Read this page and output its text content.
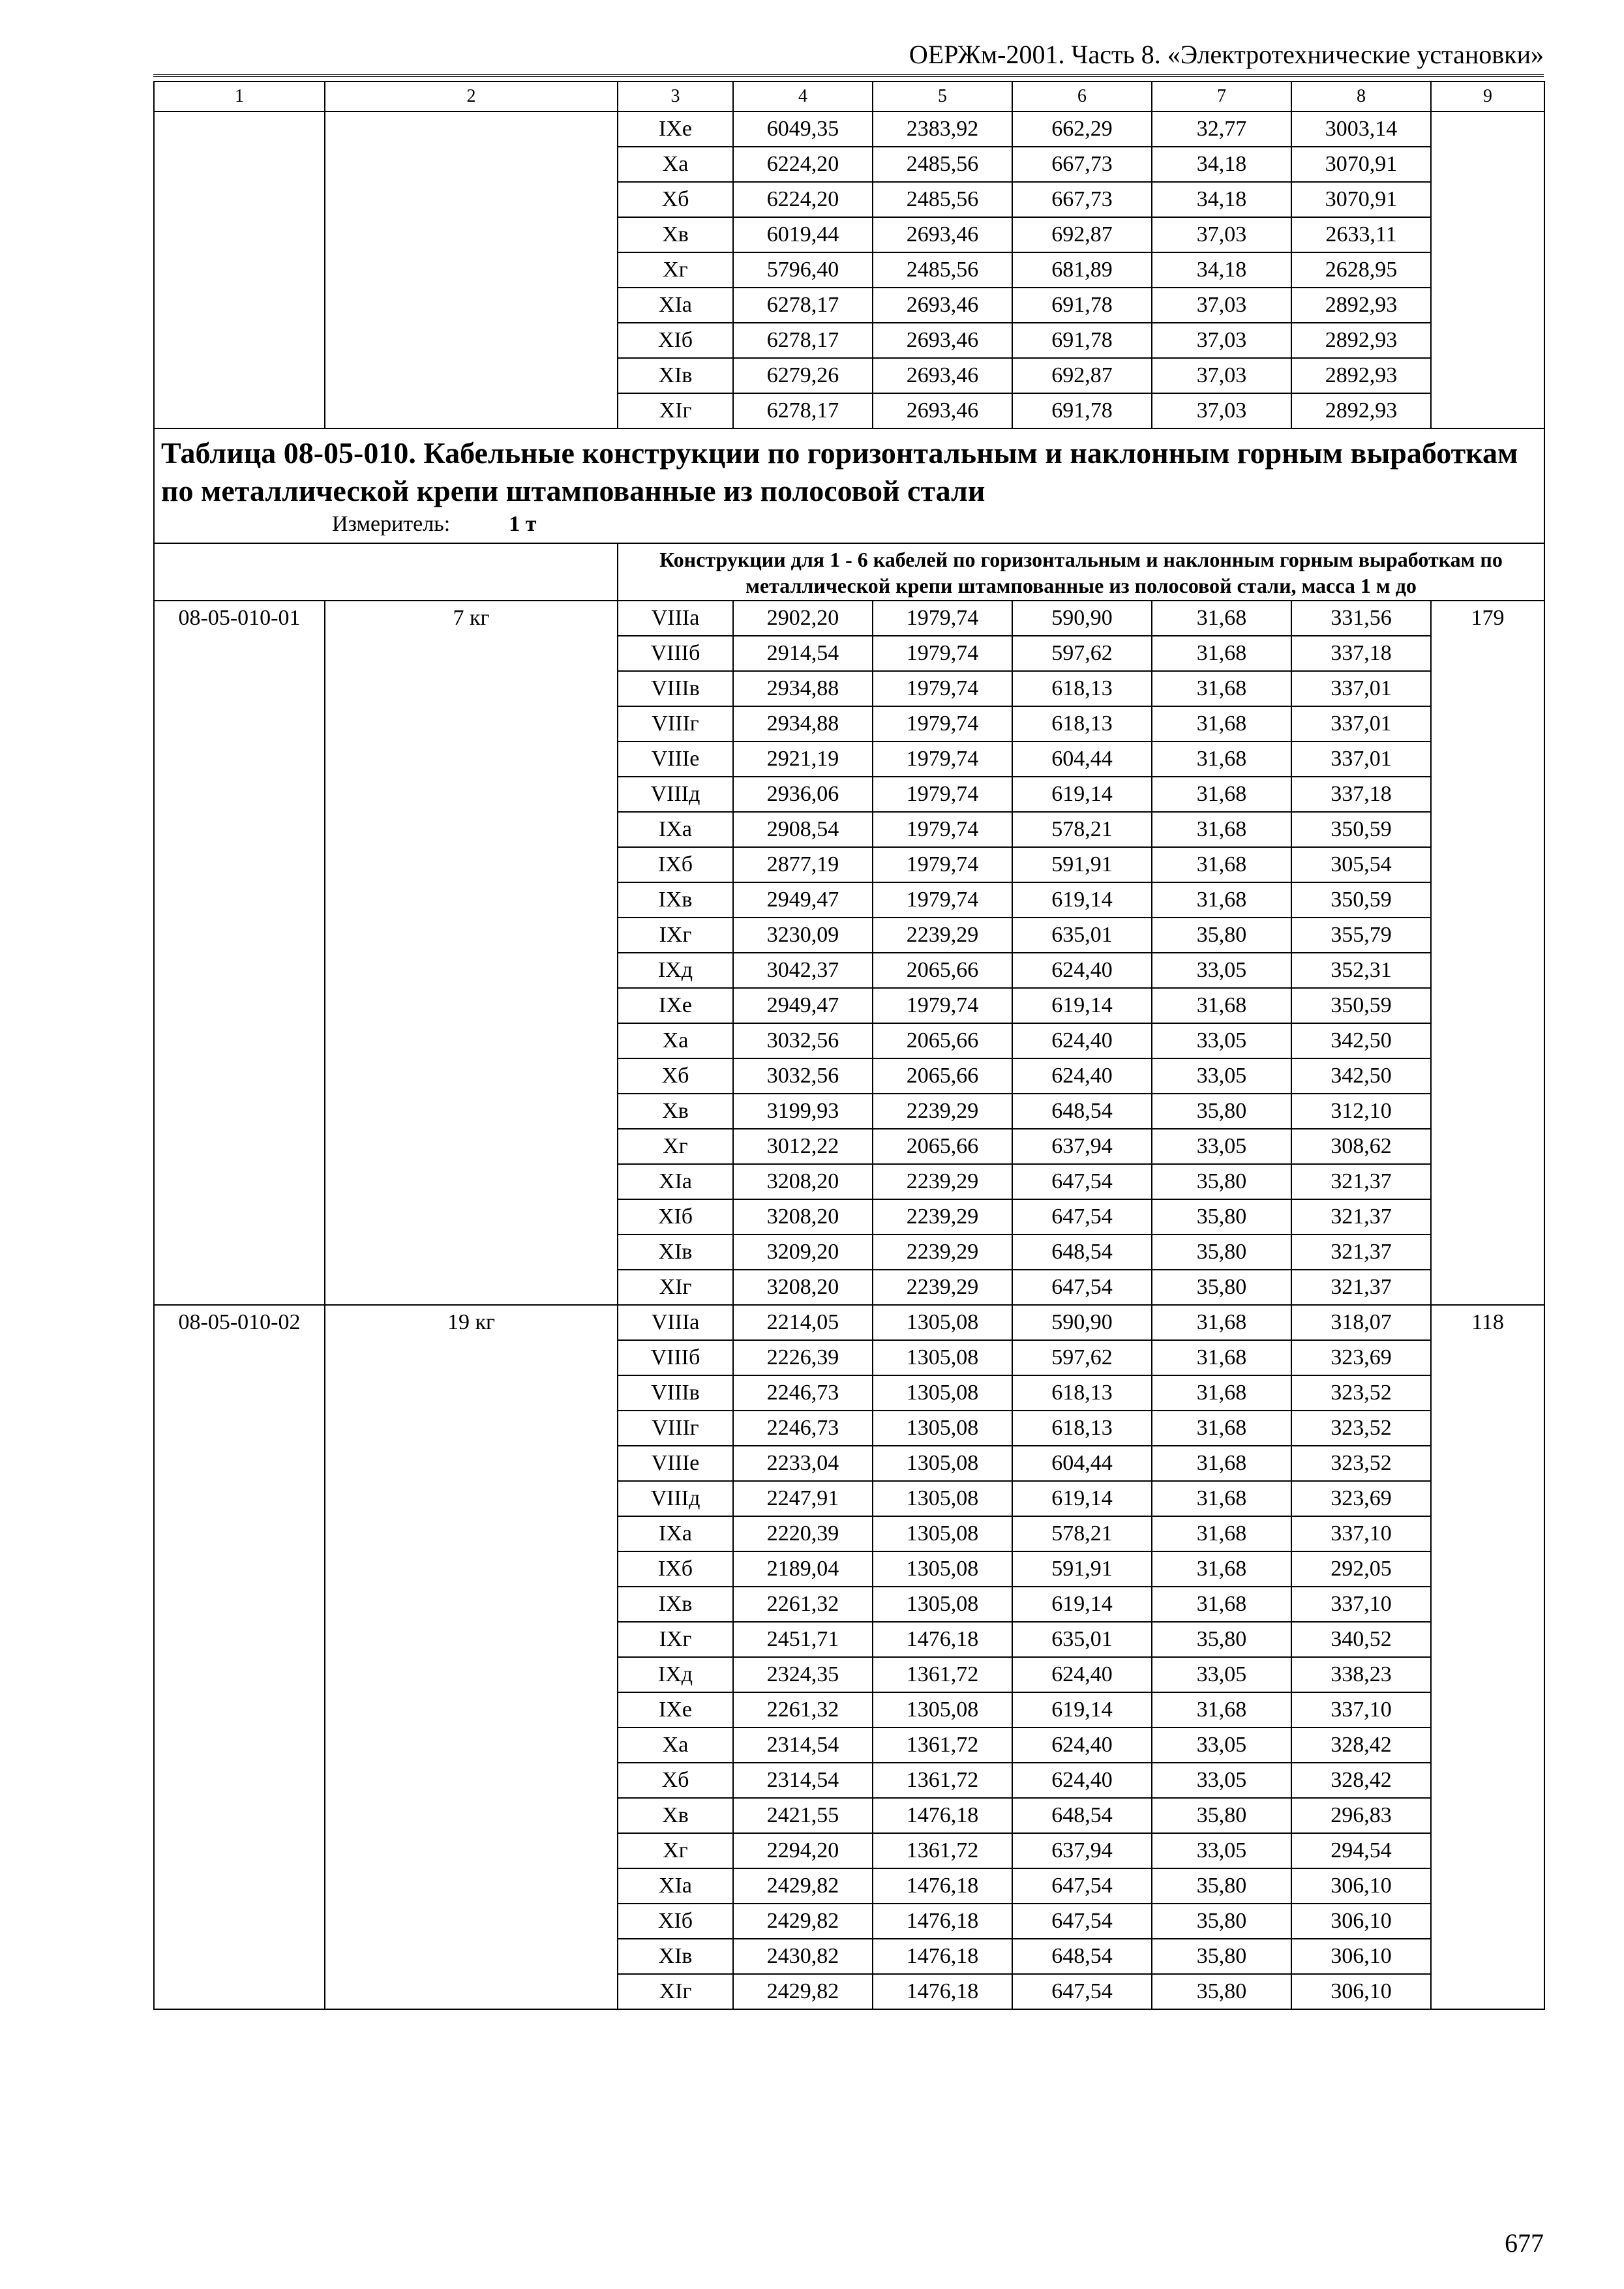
ОЕРЖм-2001. Часть 8. «Электротехнические установки»
1	2	3	4	5	6	7	8	9
		IXе	6049,35	2383,92	662,29	32,77	3003,14	
		Xа	6224,20	2485,56	667,73	34,18	3070,91	
		Xб	6224,20	2485,56	667,73	34,18	3070,91	
		Xв	6019,44	2693,46	692,87	37,03	2633,11	
		Xг	5796,40	2485,56	681,89	34,18	2628,95	
		XIа	6278,17	2693,46	691,78	37,03	2892,93	
		XIб	6278,17	2693,46	691,78	37,03	2892,93	
		XIв	6279,26	2693,46	692,87	37,03	2892,93	
		XIг	6278,17	2693,46	691,78	37,03	2892,93	

Таблица 08-05-010. Кабельные конструкции по горизонтальным и наклонным горным выработкам по металлической крепи штампованные из полосовой стали
Измеритель: 1 т								

		Конструкции для 1 - 6 кабелей по горизонтальным и наклонным горным выработкам по металлической крепи штампованные из полосовой стали, масса 1 м до						
08-05-010-01	7 кг	VIIIа	2902,20	1979,74	590,90	31,68	331,56	179
		VIIIб	2914,54	1979,74	597,62	31,68	337,18	
		VIIIв	2934,88	1979,74	618,13	31,68	337,01	
		VIIIг	2934,88	1979,74	618,13	31,68	337,01	
		VIIIе	2921,19	1979,74	604,44	31,68	337,01	
		VIIIд	2936,06	1979,74	619,14	31,68	337,18	
		IXа	2908,54	1979,74	578,21	31,68	350,59	
		IXб	2877,19	1979,74	591,91	31,68	305,54	
		IXв	2949,47	1979,74	619,14	31,68	350,59	
		IXг	3230,09	2239,29	635,01	35,80	355,79	
		IXд	3042,37	2065,66	624,40	33,05	352,31	
		IXе	2949,47	1979,74	619,14	31,68	350,59	
		Xа	3032,56	2065,66	624,40	33,05	342,50	
		Xб	3032,56	2065,66	624,40	33,05	342,50	
		Xв	3199,93	2239,29	648,54	35,80	312,10	
		Xг	3012,22	2065,66	637,94	33,05	308,62	
		XIа	3208,20	2239,29	647,54	35,80	321,37	
		XIб	3208,20	2239,29	647,54	35,80	321,37	
		XIв	3209,20	2239,29	648,54	35,80	321,37	
		XIг	3208,20	2239,29	647,54	35,80	321,37	
08-05-010-02	19 кг	VIIIа	2214,05	1305,08	590,90	31,68	318,07	118
		VIIIб	2226,39	1305,08	597,62	31,68	323,69	
		VIIIв	2246,73	1305,08	618,13	31,68	323,52	
		VIIIг	2246,73	1305,08	618,13	31,68	323,52	
		VIIIе	2233,04	1305,08	604,44	31,68	323,52	
		VIIIд	2247,91	1305,08	619,14	31,68	323,69	
		IXа	2220,39	1305,08	578,21	31,68	337,10	
		IXб	2189,04	1305,08	591,91	31,68	292,05	
		IXв	2261,32	1305,08	619,14	31,68	337,10	
		IXг	2451,71	1476,18	635,01	35,80	340,52	
		IXд	2324,35	1361,72	624,40	33,05	338,23	
		IXе	2261,32	1305,08	619,14	31,68	337,10	
		Xа	2314,54	1361,72	624,40	33,05	328,42	
		Xб	2314,54	1361,72	624,40	33,05	328,42	
		Xв	2421,55	1476,18	648,54	35,80	296,83	
		Xг	2294,20	1361,72	637,94	33,05	294,54	
		XIа	2429,82	1476,18	647,54	35,80	306,10	
		XIб	2429,82	1476,18	647,54	35,80	306,10	
		XIв	2430,82	1476,18	648,54	35,80	306,10	
		XIг	2429,82	1476,18	647,54	35,80	306,10	
677
